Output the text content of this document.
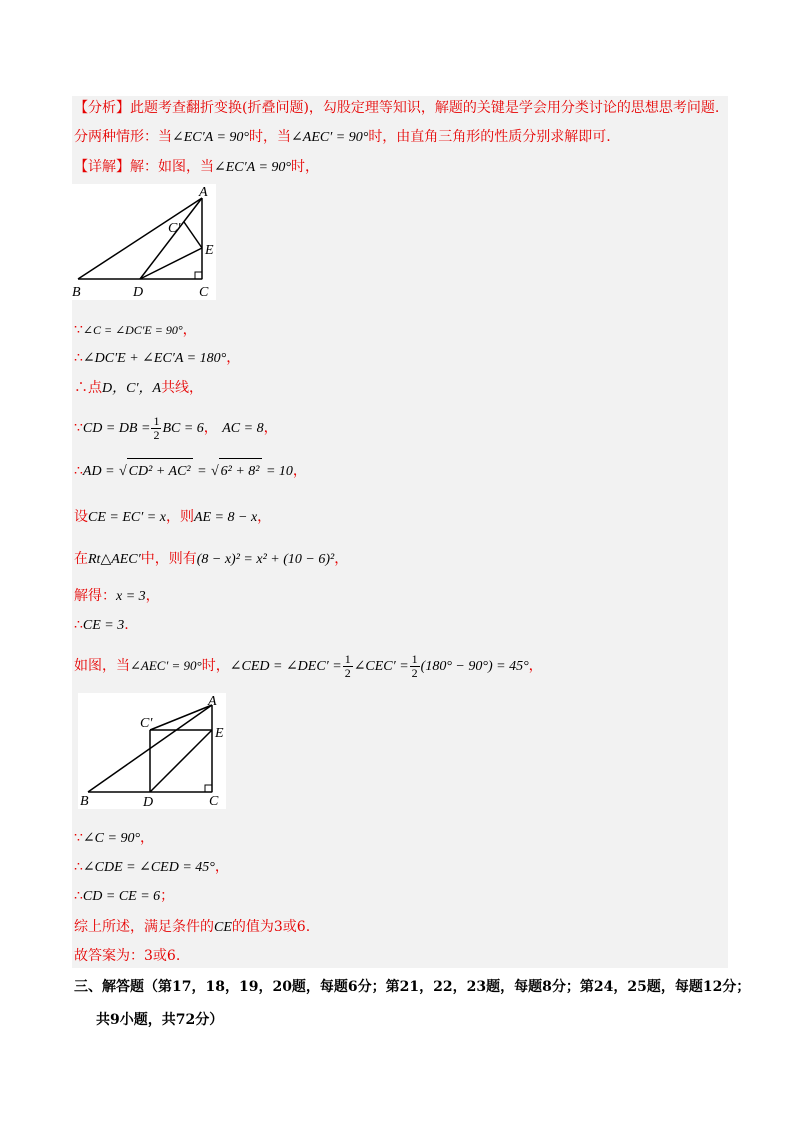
【分析】此题考查翻折变换(折叠问题)，勾股定理等知识，解题的关键是学会用分类讨论的思想思考问题.
分两种情形：当∠EC′A = 90°时，当∠AEC′ = 90°时，由直角三角形的性质分别求解即可.
【详解】解：如图，当∠EC′A = 90°时，
A
B	D	C
E
C′
∵∠C = ∠DC′E = 90°，
∴∠DC′E + ∠EC′A = 180°，
∴点D，C′，A共线，
∵CD = DB = $\frac{1}{2}$ BC = 6， AC = 8，
∴AD = √ CD² + AC² = √ 6² + 8² = 10，
设CE = EC′ = x，则AE = 8 − x，
在Rt△AEC′中，则有(8 − x)² = x² + (10 − 6)²，
解得：x = 3，
∴CE = 3.
如图，当∠AEC′ = 90°时，∠CED = ∠DEC′ = $\frac{1}{2}$ ∠CEC′ = $\frac{1}{2} (180^\circ - 90^\circ) = 45^\circ$，
A
B	D	C
E
C′
∵∠C = 90°，
∴∠CDE = ∠CED = 45°，
∴CD = CE = 6；
综上所述，满足条件的CE的值为3或6.
故答案为：3或6.
三、解答题（第17，18，19，20题，每题6分；第21，22，23题，每题8分；第24，25题，每题12分；
共9小题，共72分）
